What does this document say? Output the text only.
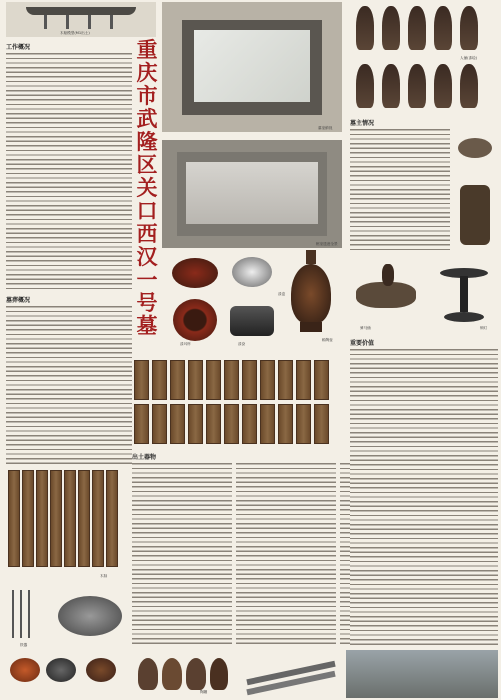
木船模型(M1出土)
工作概况
墓葬概况
重
庆
市
武
隆
区
关
口
西
汉
一
号
墓
墓室俯视
棺室遗迹全景
漆盒
釉陶壶
漆耳杯	漆奁
木牍
铁器
出土器物
陶罐
人俑(漆绘)
墓主情况
骑马俑	铜灯
重要价值
